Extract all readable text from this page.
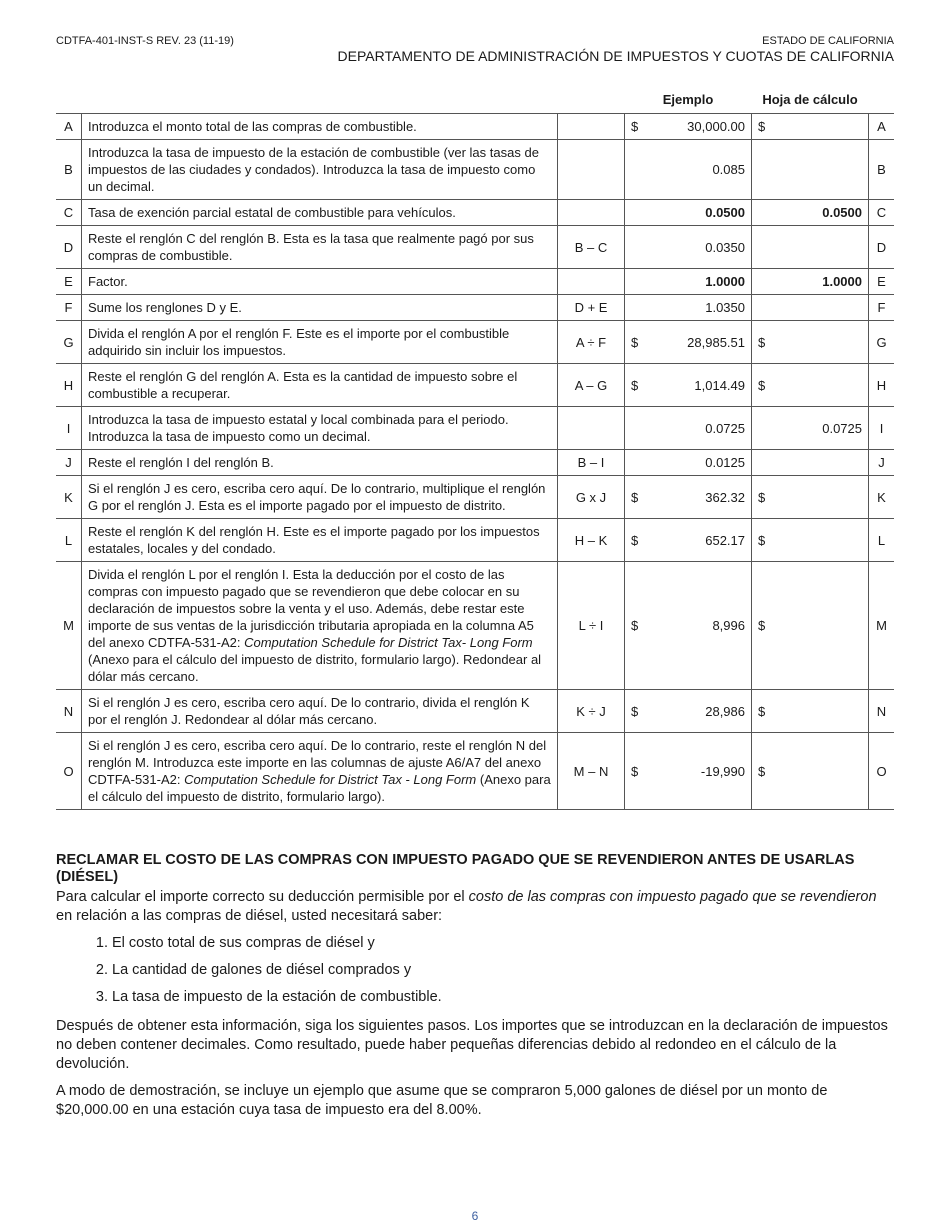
CDTFA-401-INST-S REV. 23 (11-19)	ESTADO DE CALIFORNIA
DEPARTAMENTO DE ADMINISTRACIÓN DE IMPUESTOS Y CUOTAS DE CALIFORNIA
			Ejemplo		Hoja de cálculo		
A	Introduzca el monto total de las compras de combustible.		$	30,000.00	$		A
B	Introduzca la tasa de impuesto de la estación de combustible (ver las tasas de impuestos de las ciudades y condados). Introduzca la tasa de impuesto como un decimal.			0.085			B
C	Tasa de exención parcial estatal de combustible para vehículos.			0.0500		0.0500	C
D	Reste el renglón C del renglón B. Esta es la tasa que realmente pagó por sus compras de combustible.	B – C		0.0350			D
E	Factor.			1.0000		1.0000	E
F	Sume los renglones D y E.	D + E		1.0350			F
G	Divida el renglón A por el renglón F. Este es el importe por el combustible adquirido sin incluir los impuestos.	A ÷ F	$	28,985.51	$		G
H	Reste el renglón G del renglón A. Esta es la cantidad de impuesto sobre el combustible a recuperar.	A – G	$	1,014.49	$		H
I	Introduzca la tasa de impuesto estatal y local combinada para el periodo. Introduzca la tasa de impuesto como un decimal.			0.0725		0.0725	I
J	Reste el renglón I del renglón B.	B – I		0.0125			J
K	Si el renglón J es cero, escriba cero aquí. De lo contrario, multiplique el renglón G por el renglón J. Esta es el importe pagado por el impuesto de distrito.	G x J	$	362.32	$		K
L	Reste el renglón K del renglón H. Este es el importe pagado por los impuestos estatales, locales y del condado.	H – K	$	652.17	$		L
M	Divida el renglón L por el renglón I. Esta la deducción por el costo de las compras con impuesto pagado que se revendieron que debe colocar en su declaración de impuestos sobre la venta y el uso. Además, debe restar este importe de sus ventas de la jurisdicción tributaria apropiada en la columna A5 del anexo CDTFA-531-A2: Computation Schedule for District Tax- Long Form (Anexo para el cálculo del impuesto de distrito, formulario largo). Redondear al dólar más cercano.	L ÷ I	$	8,996	$		M
N	Si el renglón J es cero, escriba cero aquí. De lo contrario, divida el renglón K por el renglón J. Redondear al dólar más cercano.	K ÷ J	$	28,986	$		N
O	Si el renglón J es cero, escriba cero aquí. De lo contrario, reste el renglón N del renglón M. Introduzca este importe en las columnas de ajuste A6/A7 del anexo CDTFA-531-A2: Computation Schedule for District Tax - Long Form (Anexo para el cálculo del impuesto de distrito, formulario largo).	M – N	$	-19,990	$		O
RECLAMAR EL COSTO DE LAS COMPRAS CON IMPUESTO PAGADO QUE SE REVENDIERON ANTES DE USARLAS (DIÉSEL)

Para calcular el importe correcto su deducción permisible por el costo de las compras con impuesto pagado que se revendieron en relación a las compras de diésel, usted necesitará saber:

1. El costo total de sus compras de diésel y
2. La cantidad de galones de diésel comprados y
3. La tasa de impuesto de la estación de combustible.

Después de obtener esta información, siga los siguientes pasos. Los importes que se introduzcan en la declaración de impuestos no deben contener decimales. Como resultado, puede haber pequeñas diferencias debido al redondeo en el cálculo de la devolución.

A modo de demostración, se incluye un ejemplo que asume que se compraron 5,000 galones de diésel por un monto de $20,000.00 en una estación cuya tasa de impuesto era del 8.00%.

6
